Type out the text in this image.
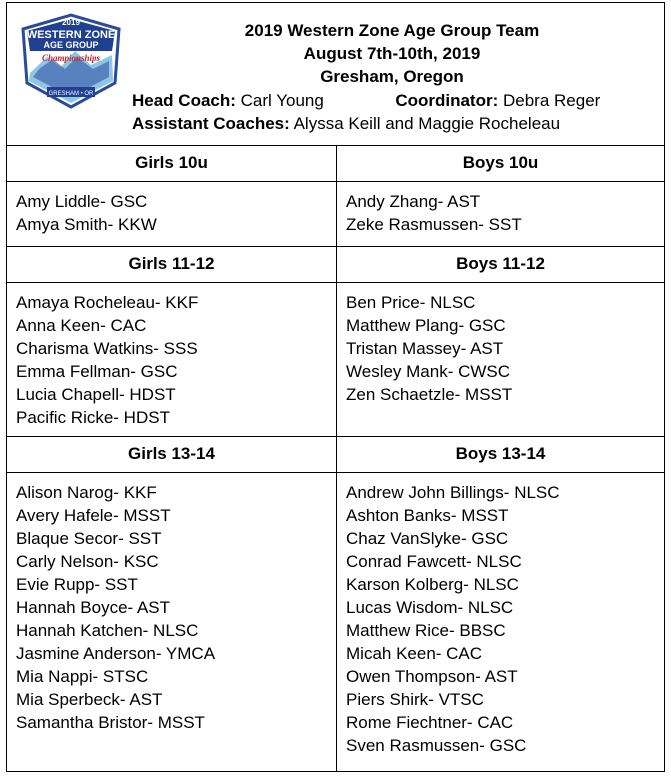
2019
WESTERN ZONE
AGE GROUP
Championships
GRESHAM • OR
2019 Western Zone Age Group Team
August 7th-10th, 2019
Gresham, Oregon
Head Coach: Carl Young	Coordinator: Debra Reger
Assistant Coaches: Alyssa Keill and Maggie Rocheleau
Girls 10u
Amy Liddle- GSC
Amya Smith- KKW
Boys 10u
Andy Zhang- AST
Zeke Rasmussen- SST
Girls 11-12
Amaya Rocheleau- KKF
Anna Keen- CAC
Charisma Watkins- SSS
Emma Fellman- GSC
Lucia Chapell- HDST
Pacific Ricke- HDST
Boys 11-12
Ben Price- NLSC
Matthew Plang- GSC
Tristan Massey- AST
Wesley Mank- CWSC
Zen Schaetzle- MSST
Girls 13-14
Alison Narog- KKF
Avery Hafele- MSST
Blaque Secor- SST
Carly Nelson- KSC
Evie Rupp- SST
Hannah Boyce- AST
Hannah Katchen- NLSC
Jasmine Anderson- YMCA
Mia Nappi- STSC
Mia Sperbeck- AST
Samantha Bristor- MSST
Boys 13-14
Andrew John Billings- NLSC
Ashton Banks- MSST
Chaz VanSlyke- GSC
Conrad Fawcett- NLSC
Karson Kolberg- NLSC
Lucas Wisdom- NLSC
Matthew Rice- BBSC
Micah Keen- CAC
Owen Thompson- AST
Piers Shirk- VTSC
Rome Fiechtner- CAC
Sven Rasmussen- GSC
